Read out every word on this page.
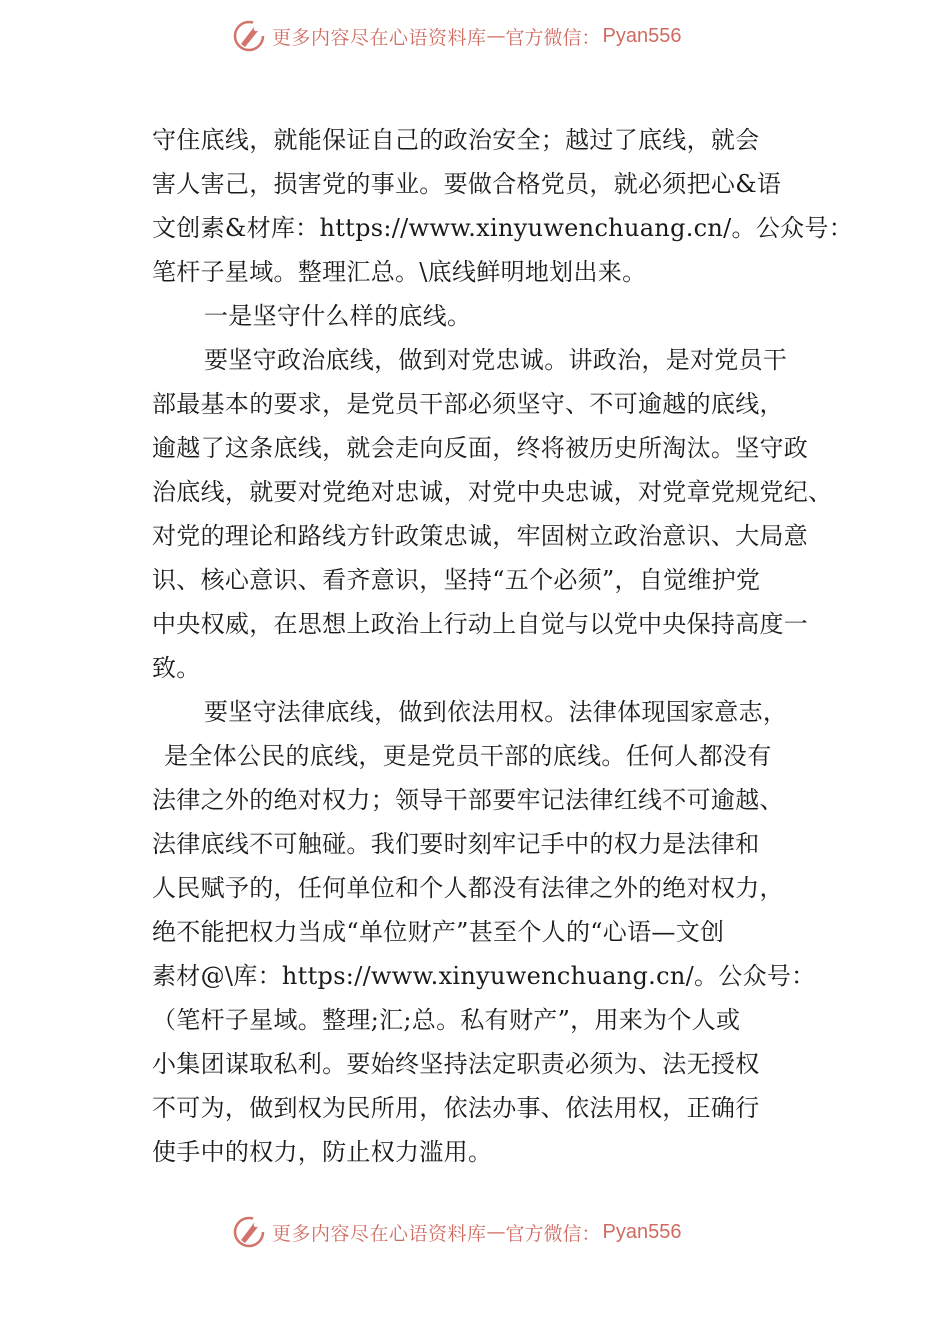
更多内容尽在心语资料库 — 官方微信： Pyan556
守住底线，就能保证自己的政治安全；越过了底线，就会
害人害己，损害党的事业。要做合格党员，就必须把心&语
文创素&材库：https://www.xinyuwenchuang.cn/。公众号：
笔杆子星域。整理汇总。\底线鲜明地划出来。
一是坚守什么样的底线。
要坚守政治底线，做到对党忠诚。讲政治，是对党员干
部最基本的要求，是党员干部必须坚守、不可逾越的底线，
逾越了这条底线，就会走向反面，终将被历史所淘汰。坚守政
治底线，就要对党绝对忠诚，对党中央忠诚，对党章党规党纪、
对党的理论和路线方针政策忠诚，牢固树立政治意识、大局意
识、核心意识、看齐意识，坚持“五个必须”，自觉维护党
中央权威，在思想上政治上行动上自觉与以党中央保持高度一
致。
要坚守法律底线，做到依法用权。法律体现国家意志，
是全体公民的底线，更是党员干部的底线。任何人都没有
法律之外的绝对权力；领导干部要牢记法律红线不可逾越、
法律底线不可触碰。我们要时刻牢记手中的权力是法律和
人民赋予的，任何单位和个人都没有法律之外的绝对权力，
绝不能把权力当成“单位财产”甚至个人的“心语—文创
素材@\库：https://www.xinyuwenchuang.cn/。公众号：
（笔杆子星域。整理;汇;总。私有财产”，用来为个人或
小集团谋取私利。要始终坚持法定职责必须为、法无授权
不可为，做到权为民所用，依法办事、依法用权，正确行
使手中的权力，防止权力滥用。
更多内容尽在心语资料库 — 官方微信： Pyan556
